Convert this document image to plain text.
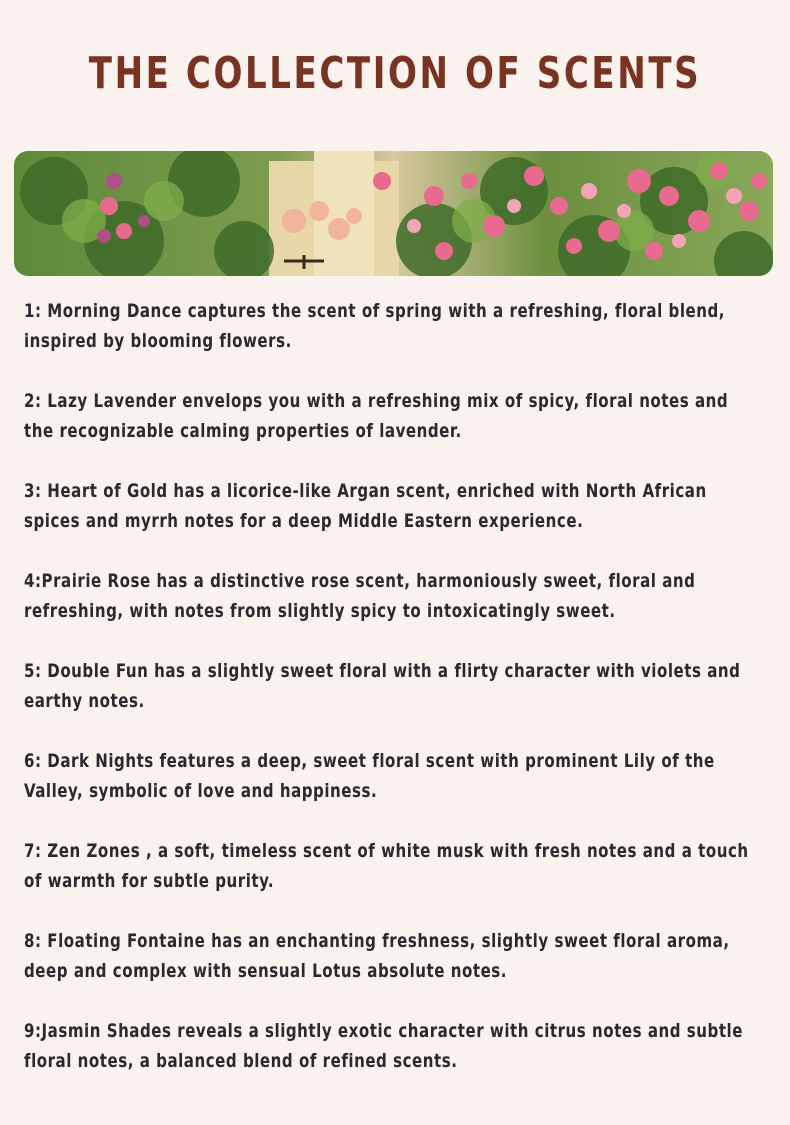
THE COLLECTION OF SCENTS

1: Morning Dance captures the scent of spring with a refreshing, floral blend,
inspired by blooming flowers.

2: Lazy Lavender envelops you with a refreshing mix of spicy, floral notes and
the recognizable calming properties of lavender.

3: Heart of Gold has a licorice-like Argan scent, enriched with North African
spices and myrrh notes for a deep Middle Eastern experience.

4:Prairie Rose has a distinctive rose scent, harmoniously sweet, floral and
refreshing, with notes from slightly spicy to intoxicatingly sweet.

5: Double Fun has a slightly sweet floral with a flirty character with violets and
earthy notes.

6: Dark Nights features a deep, sweet floral scent with prominent Lily of the
Valley, symbolic of love and happiness.

7: Zen Zones , a soft, timeless scent of white musk with fresh notes and a touch
of warmth for subtle purity.

8: Floating Fontaine has an enchanting freshness, slightly sweet floral aroma,
deep and complex with sensual Lotus absolute notes.

9:Jasmin Shades reveals a slightly exotic character with citrus notes and subtle
floral notes, a balanced blend of refined scents.
